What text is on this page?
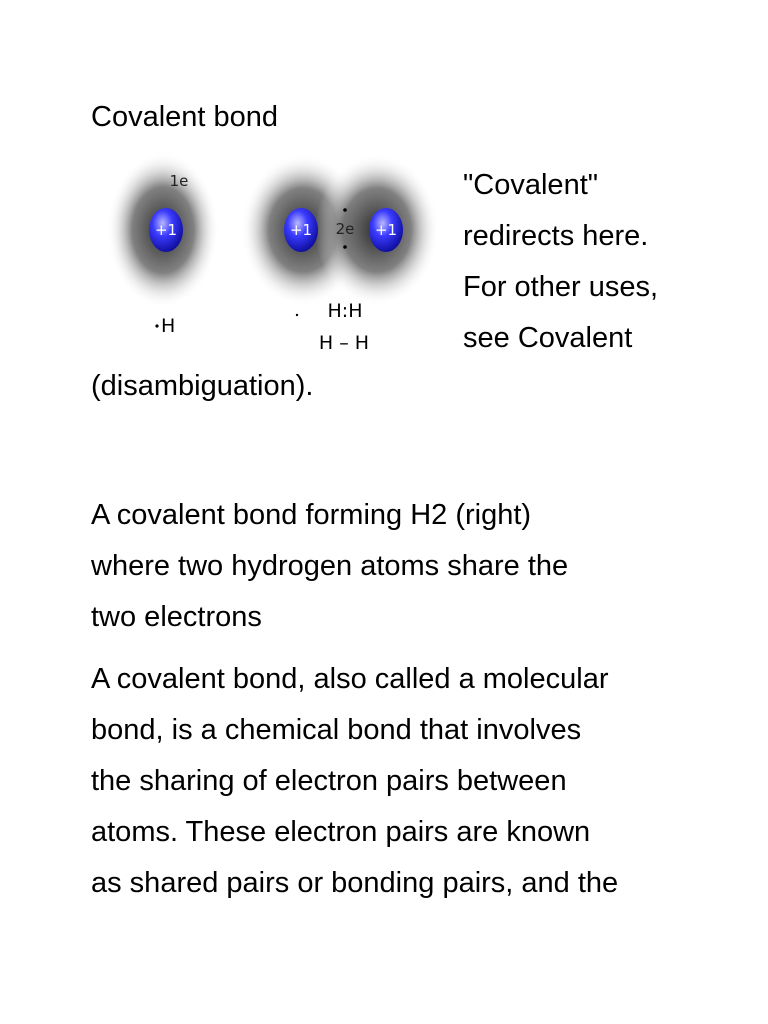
Covalent bond
+1
1e
H
+1	+1
2e
H:H
H – H
"Covalent"
redirects here.
For other uses,
see Covalent
(disambiguation).
A covalent bond forming H2 (right)
where two hydrogen atoms share the
two electrons
A covalent bond, also called a molecular
bond, is a chemical bond that involves
the sharing of electron pairs between
atoms. These electron pairs are known
as shared pairs or bonding pairs, and the
